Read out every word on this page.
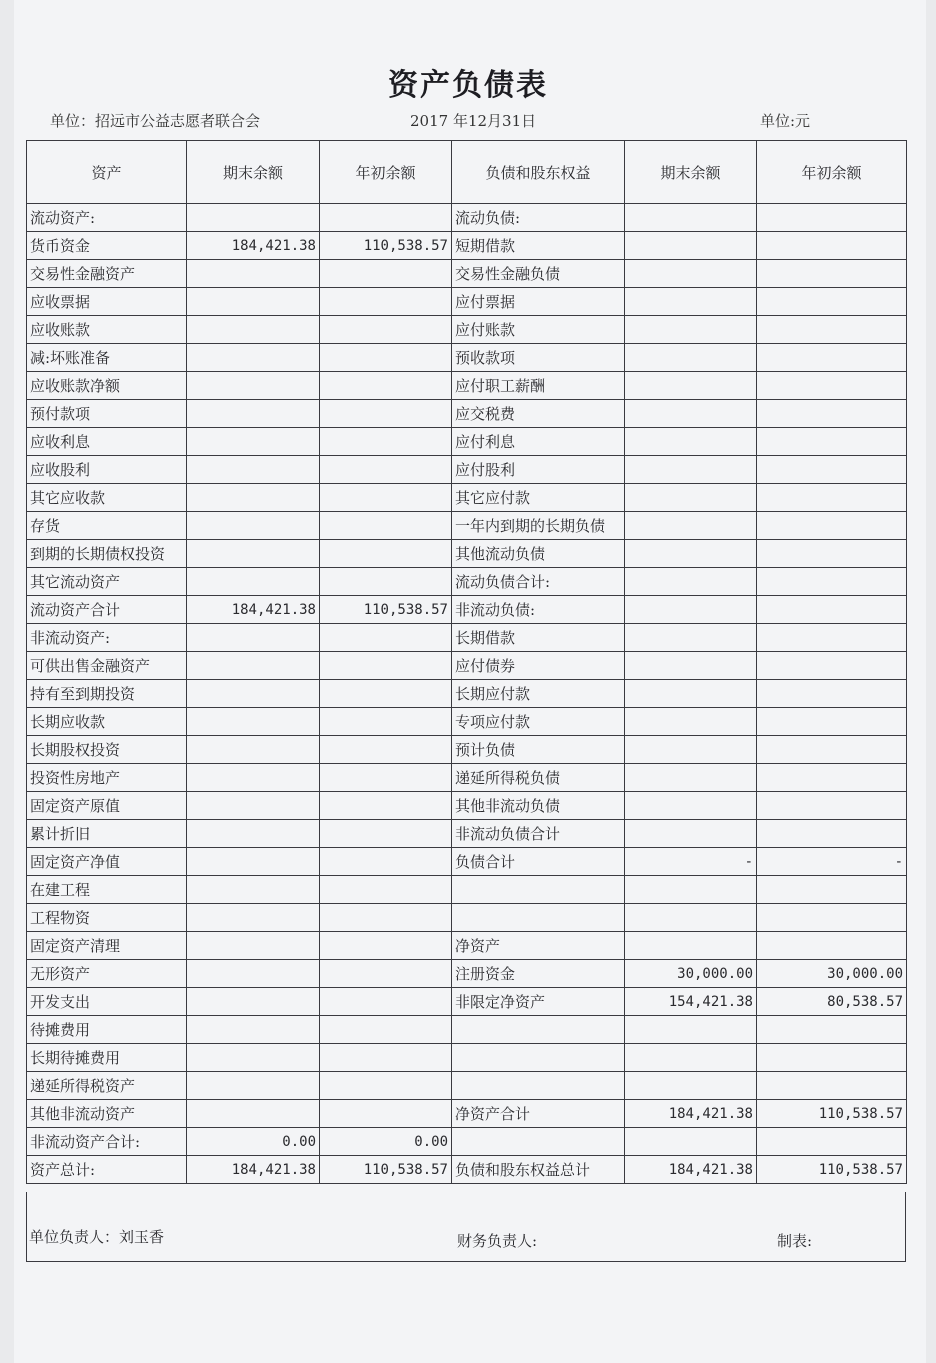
资产负债表
单位：招远市公益志愿者联合会	2017 年12月31日	单位:元
资产	期末余额	年初余额	负债和股东权益	期末余额	年初余额
流动资产:			流动负债:		
货币资金	184,421.38	110,538.57	短期借款		
交易性金融资产			交易性金融负债		
应收票据			应付票据		
应收账款			应付账款		
减:坏账准备			预收款项		
应收账款净额			应付职工薪酬		
预付款项			应交税费		
应收利息			应付利息		
应收股利			应付股利		
其它应收款			其它应付款		
存货			一年内到期的长期负债		
到期的长期债权投资			其他流动负债		
其它流动资产			流动负债合计:		
流动资产合计	184,421.38	110,538.57	非流动负债:		
非流动资产:			长期借款		
可供出售金融资产			应付债券		
持有至到期投资			长期应付款		
长期应收款			专项应付款		
长期股权投资			预计负债		
投资性房地产			递延所得税负债		
固定资产原值			其他非流动负债		
累计折旧			非流动负债合计		
固定资产净值			负债合计	-	-
在建工程					
工程物资					
固定资产清理			净资产		
无形资产			注册资金	30,000.00	30,000.00
开发支出			非限定净资产	154,421.38	80,538.57
待摊费用					
长期待摊费用					
递延所得税资产					
其他非流动资产			净资产合计	184,421.38	110,538.57
非流动资产合计:	0.00	0.00			
资产总计:	184,421.38	110,538.57	负债和股东权益总计	184,421.38	110,538.57
单位负责人：刘玉香	财务负责人:	制表:
